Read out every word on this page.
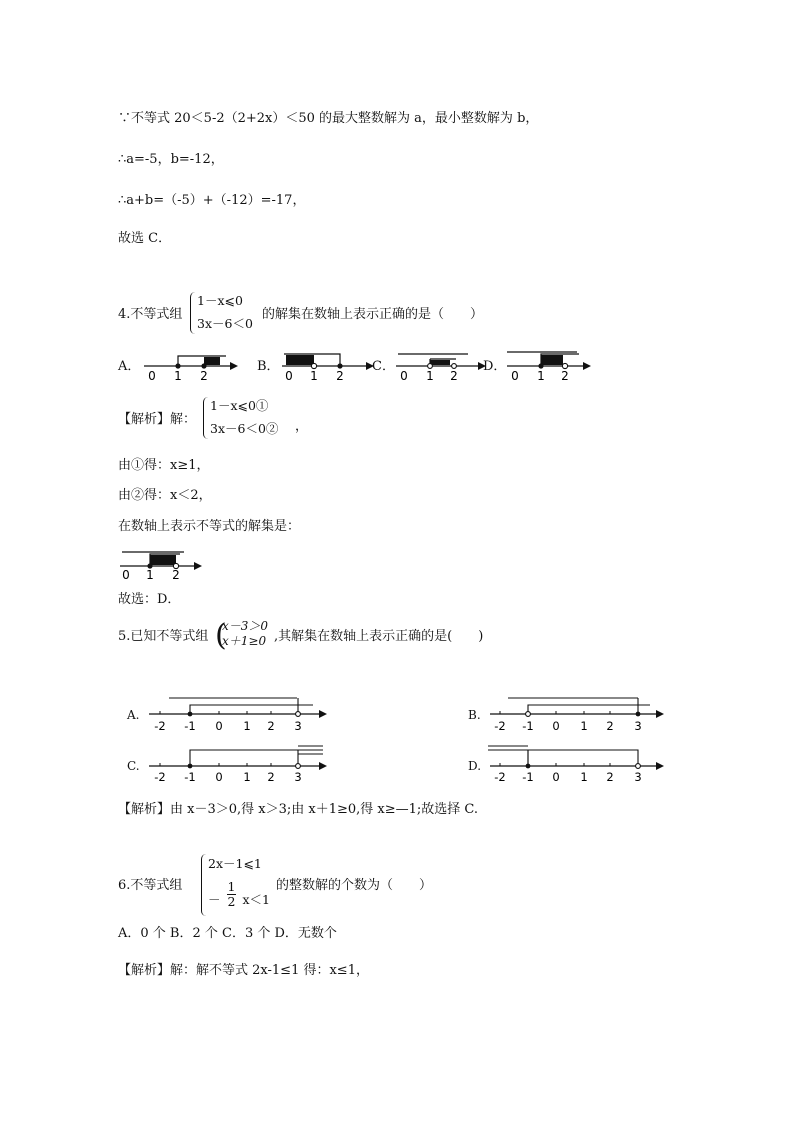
∵不等式 20＜5-2（2+2x）＜50 的最大整数解为 a，最小整数解为 b，
∴a=-5，b=-12，
∴a+b=（-5）+（-12）=-17，
故选 C．
4.不等式组
1－x⩽0
3x－6＜0
的解集在数轴上表示正确的是（　　）
A．
0 1 2
B．
0 1 2
C．
0 1 2
D．
0 1 2
【解析】解：
1－x⩽0①
3x－6＜0② ，
由①得：x≥1，
由②得：x＜2，
在数轴上表示不等式的解集是：
0 1 2
故选：D．
5.已知不等式组 (
x－3＞0
x＋1≥0 ,其解集在数轴上表示正确的是(　　)
A.
-2 -1 0 1 2 3
B.
-2 -1 0 1 2 3
C.
-2 -1 0 1 2 3
D.
-2 -1 0 1 2 3
【解析】由 x－3＞0,得 x＞3;由 x＋1≥0,得 x≥—1;故选择 C.
6.不等式组
2x－1⩽1
－ $\frac{1}{2} x<1$
的整数解的个数为（　　）
A．0 个 B．2 个 C．3 个 D．无数个
【解析】解：解不等式 2x-1≤1 得：x≤1，
